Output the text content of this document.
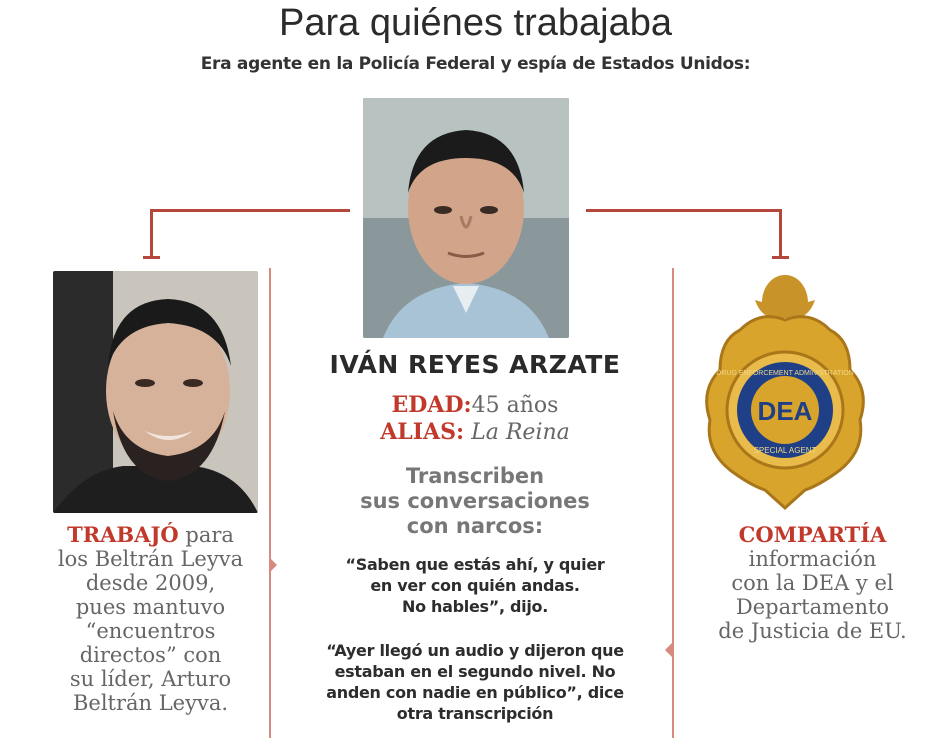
Para quiénes trabajaba
Era agente en la Policía Federal y espía de Estados Unidos:
IVÁN REYES ARZATE
EDAD:45 años
ALIAS: La Reina
Transcriben
sus conversaciones
con narcos:
“Saben que estás ahí, y quier
en ver con quién andas.
No hables”, dijo.
“Ayer llegó un audio y dijeron que
estaban en el segundo nivel. No
anden con nadie en público”, dice
otra transcripción
TRABAJÓ para
los Beltrán Leyva
desde 2009,
pues mantuvo
“encuentros
directos” con
su líder, Arturo
Beltrán Leyva.
DEA
DRUG ENFORCEMENT ADMINISTRATION
SPECIAL AGENT
COMPARTÍA
información
con la DEA y el
Departamento
de Justicia de EU.
